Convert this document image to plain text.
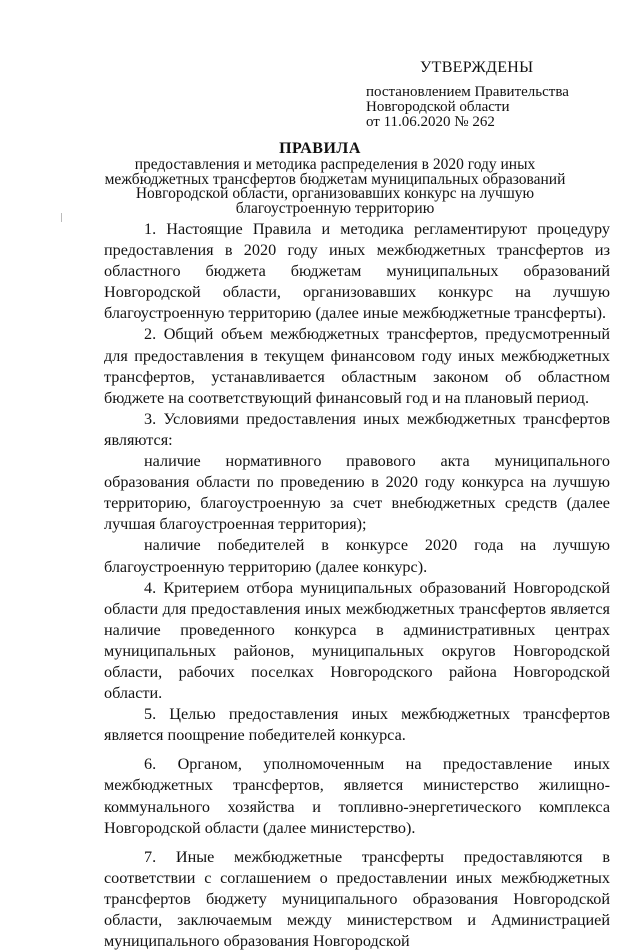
УТВЕРЖДЕНЫ
постановлением Правительства
Новгородской области
от 11.06.2020 № 262
ПРАВИЛА
предоставления и методика распределения в 2020 году иных межбюджетных трансфертов бюджетам муниципальных образований Новгородской области, организовавших конкурс на лучшую благоустроенную территорию

1. Настоящие Правила и методика регламентируют процедуру предоставления в 2020 году иных межбюджетных трансфертов из областного бюджета бюджетам муниципальных образований Новгородской области, организовавших конкурс на лучшую благоустроенную территорию (далее иные межбюджетные трансферты).

2. Общий объем межбюджетных трансфертов, предусмотренный для предоставления в текущем финансовом году иных межбюджетных трансфертов, устанавливается областным законом об областном бюджете на соответствующий финансовый год и на плановый период.

3. Условиями предоставления иных межбюджетных трансфертов являются:

наличие нормативного правового акта муниципального образования области по проведению в 2020 году конкурса на лучшую территорию, благоустроенную за счет внебюджетных средств (далее лучшая благоустроенная территория);

наличие победителей в конкурсе 2020 года на лучшую благоустроенную территорию (далее конкурс).

4. Критерием отбора муниципальных образований Новгородской области для предоставления иных межбюджетных трансфертов является наличие проведенного конкурса в административных центрах муниципальных районов, муниципальных округов Новгородской области, рабочих поселках Новгородского района Новгородской области.

5. Целью предоставления иных межбюджетных трансфертов является поощрение победителей конкурса.

6. Органом, уполномоченным на предоставление иных межбюджетных трансфертов, является министерство жилищно-коммунального хозяйства и топливно-энергетического комплекса Новгородской области (далее министерство).

7. Иные межбюджетные трансферты предоставляются в соответствии с соглашением о предоставлении иных межбюджетных трансфертов бюджету муниципального образования Новгородской области, заключаемым между министерством и Администрацией муниципального образования Новгородской
